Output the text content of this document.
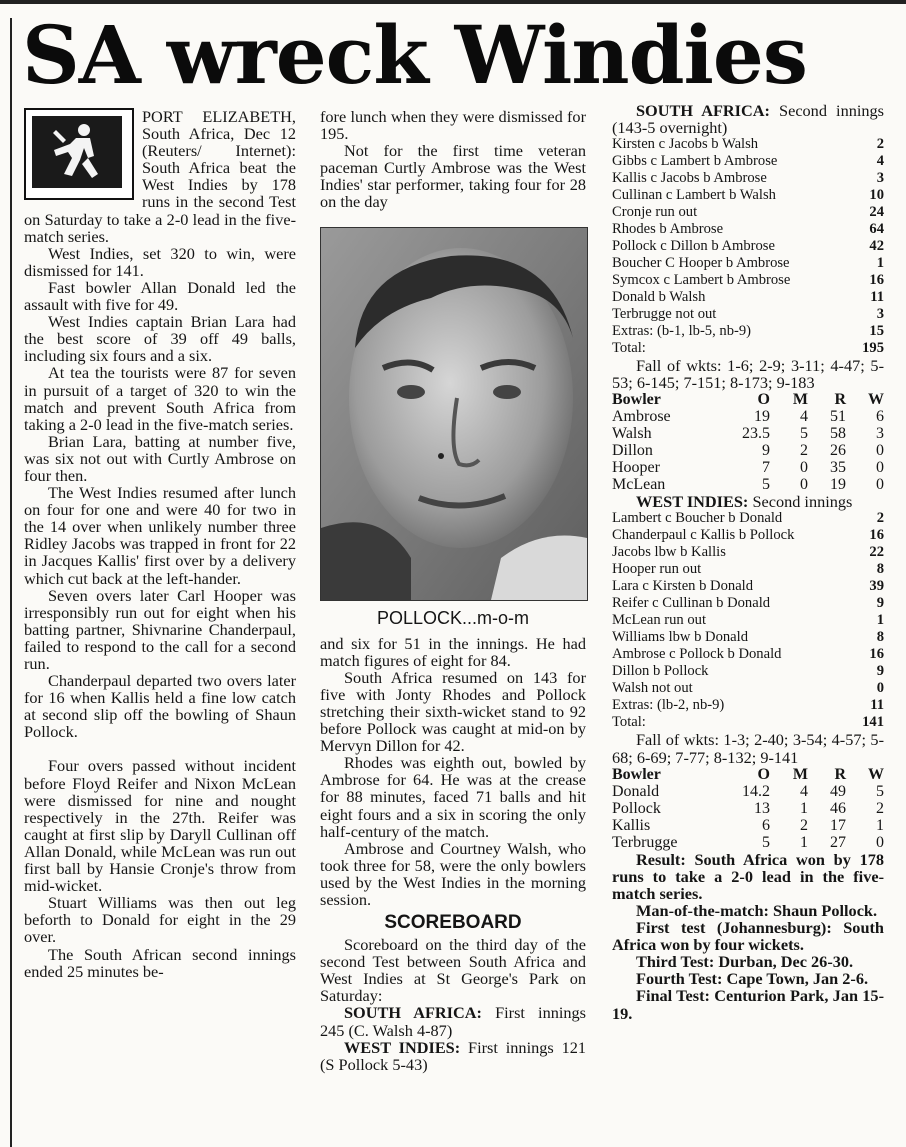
SA wreck Windies

PORT ELIZABETH, South Africa, Dec 12 (Reuters/ Internet): South Africa beat the West Indies by 178 runs in the second Test on Saturday to take a 2-0 lead in the five-match series.

West Indies, set 320 to win, were dismissed for 141.

Fast bowler Allan Donald led the assault with five for 49.

West Indies captain Brian Lara had the best score of 39 off 49 balls, including six fours and a six.

At tea the tourists were 87 for seven in pursuit of a target of 320 to win the match and prevent South Africa from taking a 2-0 lead in the five-match series.

Brian Lara, batting at number five, was six not out with Curtly Ambrose on four then.

The West Indies resumed after lunch on four for one and were 40 for two in the 14 over when unlikely number three Ridley Jacobs was trapped in front for 22 in Jacques Kallis' first over by a delivery which cut back at the left-hander.

Seven overs later Carl Hooper was irresponsibly run out for eight when his batting partner, Shivnarine Chanderpaul, failed to respond to the call for a second run.

Chanderpaul departed two overs later for 16 when Kallis held a fine low catch at second slip off the bowling of Shaun Pollock.

Four overs passed without incident before Floyd Reifer and Nixon McLean were dismissed for nine and nought respectively in the 27th. Reifer was caught at first slip by Daryll Cullinan off Allan Donald, while McLean was run out first ball by Hansie Cronje's throw from mid-wicket.

Stuart Williams was then out leg beforth to Donald for eight in the 29 over.

The South African second innings ended 25 minutes be-

fore lunch when they were dismissed for 195.

Not for the first time veteran paceman Curtly Ambrose was the West Indies' star performer, taking four for 28 on the day

POLLOCK...m-o-m

and six for 51 in the innings. He had match figures of eight for 84.

South Africa resumed on 143 for five with Jonty Rhodes and Pollock stretching their sixth-wicket stand to 92 before Pollock was caught at mid-on by Mervyn Dillon for 42.

Rhodes was eighth out, bowled by Ambrose for 64. He was at the crease for 88 minutes, faced 71 balls and hit eight fours and a six in scoring the only half-century of the match.

Ambrose and Courtney Walsh, who took three for 58, were the only bowlers used by the West Indies in the morning session.

SCOREBOARD

Scoreboard on the third day of the second Test between South Africa and West Indies at St George's Park on Saturday:

SOUTH AFRICA: First innings 245 (C. Walsh 4-87)

WEST INDIES: First innings 121 (S Pollock 5-43)

SOUTH AFRICA: Second innings (143-5 overnight)

Kirsten c Jacobs b Walsh	2
Gibbs c Lambert b Ambrose	4
Kallis c Jacobs b Ambrose	3
Cullinan c Lambert b Walsh	10
Cronje run out	24
Rhodes b Ambrose	64
Pollock c Dillon b Ambrose	42
Boucher C Hooper b Ambrose	1
Symcox c Lambert b Ambrose	16
Donald b Walsh	11
Terbrugge not out	3
Extras: (b-1, lb-5, nb-9)	15
Total:	195

Fall of wkts: 1-6; 2-9; 3-11; 4-47; 5-53; 6-145; 7-151; 8-173; 9-183

Bowler	O	M	R	W
Ambrose	19	4	51	6
Walsh	23.5	5	58	3
Dillon	9	2	26	0
Hooper	7	0	35	0
McLean	5	0	19	0

WEST INDIES: Second innings

Lambert c Boucher b Donald	2
Chanderpaul c Kallis b Pollock	16
Jacobs lbw b Kallis	22
Hooper run out	8
Lara c Kirsten b Donald	39
Reifer c Cullinan b Donald	9
McLean run out	1
Williams lbw b Donald	8
Ambrose c Pollock b Donald	16
Dillon b Pollock	9
Walsh not out	0
Extras: (lb-2, nb-9)	11
Total:	141

Fall of wkts: 1-3; 2-40; 3-54; 4-57; 5-68; 6-69; 7-77; 8-132; 9-141

Bowler	O	M	R	W
Donald	14.2	4	49	5
Pollock	13	1	46	2
Kallis	6	2	17	1
Terbrugge	5	1	27	0

Result: South Africa won by 178 runs to take a 2-0 lead in the five-match series.

Man-of-the-match: Shaun Pollock.

First test (Johannesburg): South Africa won by four wickets.

Third Test: Durban, Dec 26-30.

Fourth Test: Cape Town, Jan 2-6.

Final Test: Centurion Park, Jan 15-19.
